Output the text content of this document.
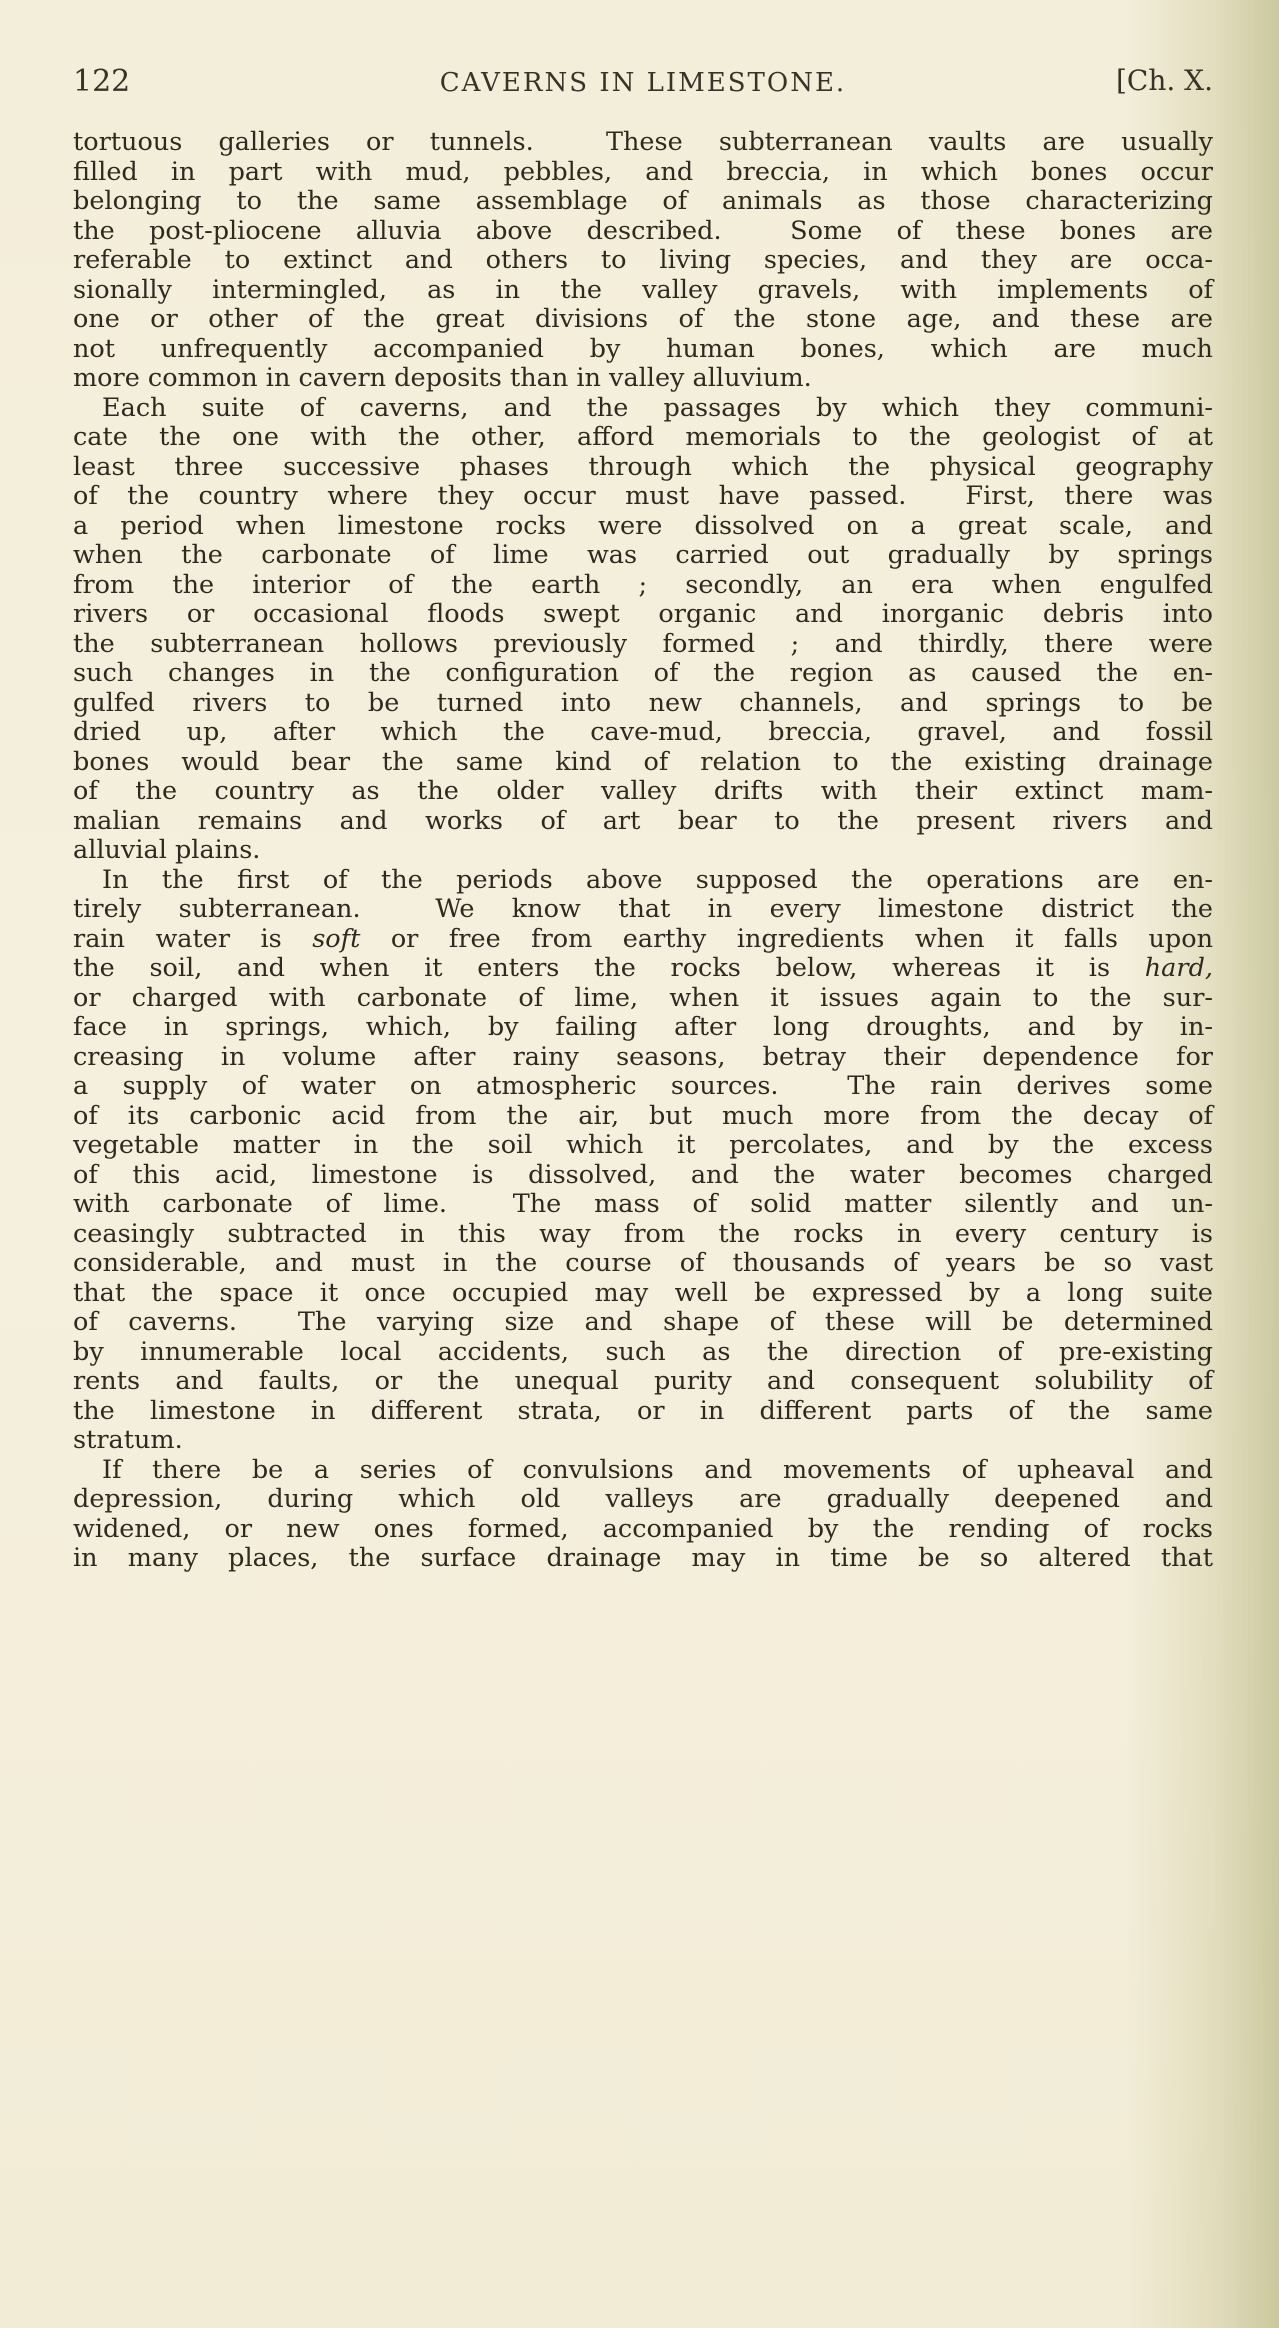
122	CAVERNS IN LIMESTONE.	[Ch. X.
tortuous galleries or tunnels.  These subterranean vaults are usually
filled in part with mud, pebbles, and breccia, in which bones occur
belonging to the same assemblage of animals as those characterizing
the post-pliocene alluvia above described.  Some of these bones are
referable to extinct and others to living species, and they are occa-
sionally intermingled, as in the valley gravels, with implements of
one or other of the great divisions of the stone age, and these are
not unfrequently accompanied by human bones, which are much
more common in cavern deposits than in valley alluvium.
Each suite of caverns, and the passages by which they communi-
cate the one with the other, afford memorials to the geologist of at
least three successive phases through which the physical geography
of the country where they occur must have passed.  First, there was
a period when limestone rocks were dissolved on a great scale, and
when the carbonate of lime was carried out gradually by springs
from the interior of the earth ; secondly, an era when engulfed
rivers or occasional floods swept organic and inorganic debris into
the subterranean hollows previously formed ; and thirdly, there were
such changes in the configuration of the region as caused the en-
gulfed rivers to be turned into new channels, and springs to be
dried up, after which the cave-mud, breccia, gravel, and fossil
bones would bear the same kind of relation to the existing drainage
of the country as the older valley drifts with their extinct mam-
malian remains and works of art bear to the present rivers and
alluvial plains.
In the first of the periods above supposed the operations are en-
tirely subterranean.  We know that in every limestone district the
rain water is soft or free from earthy ingredients when it falls upon
the soil, and when it enters the rocks below, whereas it is hard,
or charged with carbonate of lime, when it issues again to the sur-
face in springs, which, by failing after long droughts, and by in-
creasing in volume after rainy seasons, betray their dependence for
a supply of water on atmospheric sources.  The rain derives some
of its carbonic acid from the air, but much more from the decay of
vegetable matter in the soil which it percolates, and by the excess
of this acid, limestone is dissolved, and the water becomes charged
with carbonate of lime.  The mass of solid matter silently and un-
ceasingly subtracted in this way from the rocks in every century is
considerable, and must in the course of thousands of years be so vast
that the space it once occupied may well be expressed by a long suite
of caverns.  The varying size and shape of these will be determined
by innumerable local accidents, such as the direction of pre-existing
rents and faults, or the unequal purity and consequent solubility of
the limestone in different strata, or in different parts of the same
stratum.
If there be a series of convulsions and movements of upheaval and
depression, during which old valleys are gradually deepened and
widened, or new ones formed, accompanied by the rending of rocks
in many places, the surface drainage may in time be so altered that
